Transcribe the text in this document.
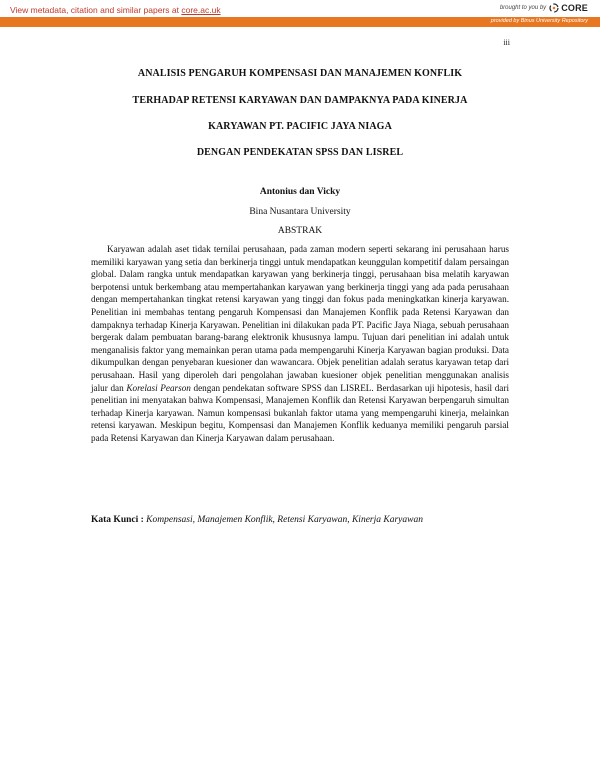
View metadata, citation and similar papers at core.ac.uk	brought to you by CORE
provided by Binus University Repository
iii
ANALISIS PENGARUH KOMPENSASI DAN MANAJEMEN KONFLIK
TERHADAP RETENSI KARYAWAN DAN DAMPAKNYA PADA KINERJA
KARYAWAN PT. PACIFIC JAYA NIAGA
DENGAN PENDEKATAN SPSS DAN LISREL
Antonius dan Vicky
Bina Nusantara University
ABSTRAK

Karyawan adalah aset tidak ternilai perusahaan, pada zaman modern seperti sekarang ini perusahaan harus memiliki karyawan yang setia dan berkinerja tinggi untuk mendapatkan keunggulan kompetitif dalam persaingan global. Dalam rangka untuk mendapatkan karyawan yang berkinerja tinggi, perusahaan bisa melatih karyawan berpotensi untuk berkembang atau mempertahankan karyawan yang berkinerja tinggi yang ada pada perusahaan dengan mempertahankan tingkat retensi karyawan yang tinggi dan fokus pada meningkatkan kinerja karyawan. Penelitian ini membahas tentang pengaruh Kompensasi dan Manajemen Konflik pada Retensi Karyawan dan dampaknya terhadap Kinerja Karyawan. Penelitian ini dilakukan pada PT. Pacific Jaya Niaga, sebuah perusahaan bergerak dalam pembuatan barang-barang elektronik khususnya lampu. Tujuan dari penelitian ini adalah untuk menganalisis faktor yang memainkan peran utama pada mempengaruhi Kinerja Karyawan bagian produksi. Data dikumpulkan dengan penyebaran kuesioner dan wawancara. Objek penelitian adalah seratus karyawan tetap dari perusahaan. Hasil yang diperoleh dari pengolahan jawaban kuesioner objek penelitian menggunakan analisis jalur dan Korelasi Pearson dengan pendekatan software SPSS dan LISREL. Berdasarkan uji hipotesis, hasil dari penelitian ini menyatakan bahwa Kompensasi, Manajemen Konflik dan Retensi Karyawan berpengaruh simultan terhadap Kinerja karyawan. Namun kompensasi bukanlah faktor utama yang mempengaruhi kinerja, melainkan retensi karyawan. Meskipun begitu, Kompensasi dan Manajemen Konflik keduanya memiliki pengaruh parsial pada Retensi Karyawan dan Kinerja Karyawan dalam perusahaan.

Kata Kunci : Kompensasi, Manajemen Konflik, Retensi Karyawan, Kinerja Karyawan
